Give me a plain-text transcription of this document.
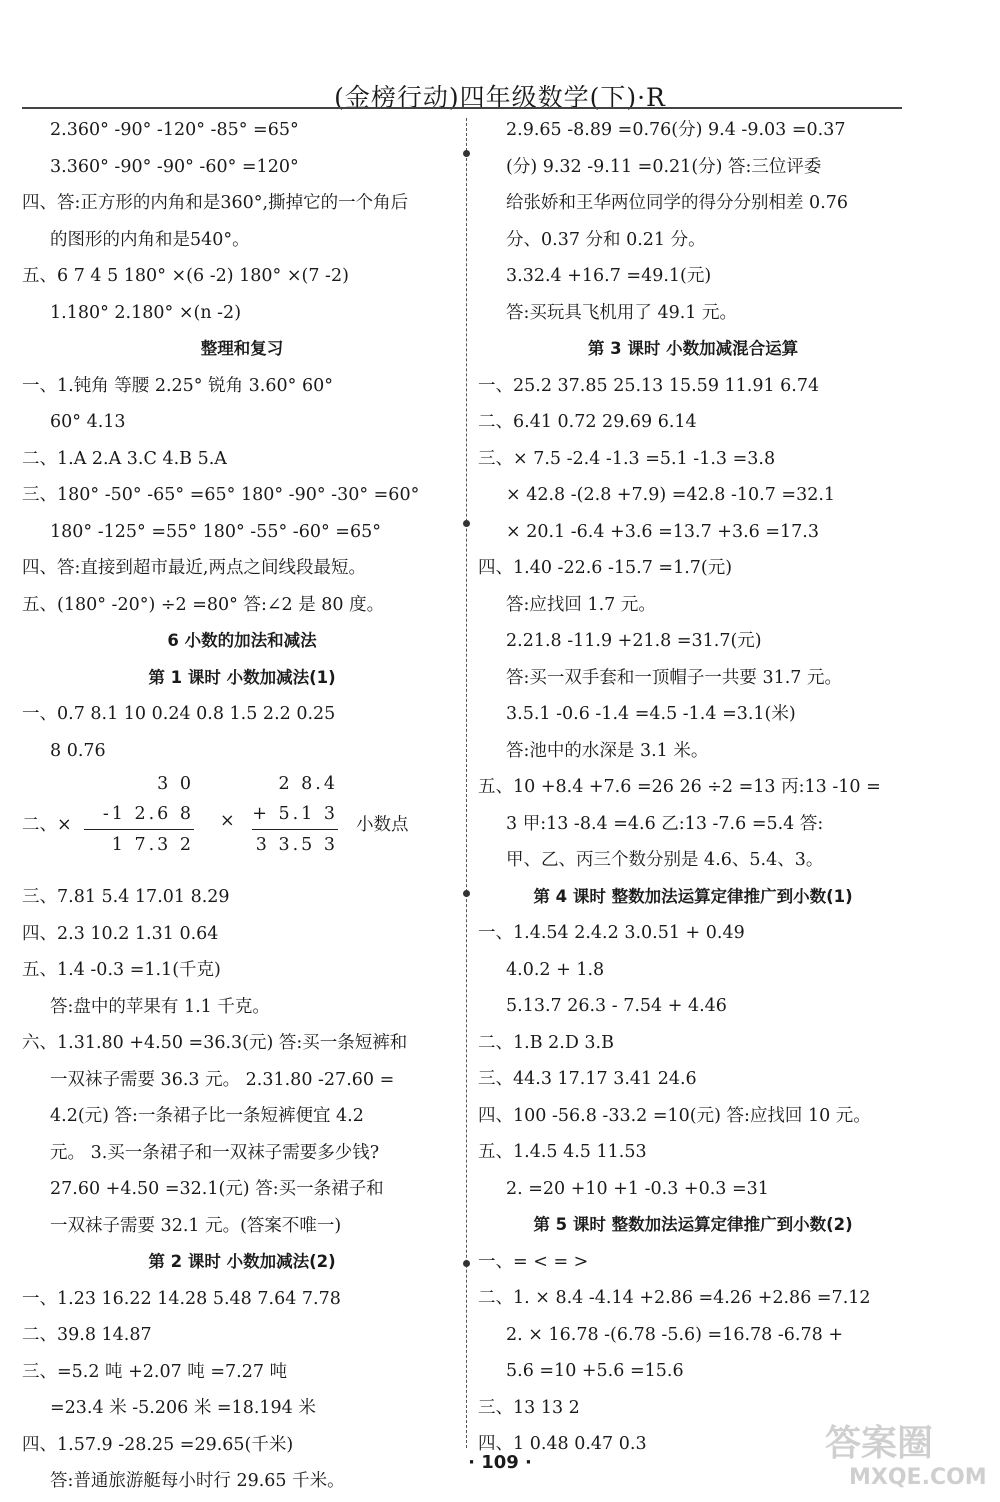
(金榜行动)四年级数学(下)·R
2.360° -90° -120° -85° =65°
3.360° -90° -90° -60° =120°
四、答:正方形的内角和是360°,撕掉它的一个角后
的图形的内角和是540°。
五、6 7 4 5 180° ×(6 -2) 180° ×(7 -2)
1.180° 2.180° ×(n -2)
整理和复习
一、1.钝角 等腰 2.25° 锐角 3.60° 60°
60° 4.13
二、1.A 2.A 3.C 4.B 5.A
三、180° -50° -65° =65° 180° -90° -30° =60°
180° -125° =55° 180° -55° -60° =65°
四、答:直接到超市最近,两点之间线段最短。
五、(180° -20°) ÷2 =80° 答:∠2 是 80 度。
6 小数的加法和减法
第 1 课时 小数加减法(1)
一、0.7 8.1 10 0.24 0.8 1.5 2.2 0.25
8 0.76
二、×
3 0
-1 2.6 8
1 7.3 2
×
2 8.4
+ 5.1 3
3 3.5 3
小数点
三、7.81 5.4 17.01 8.29
四、2.3 10.2 1.31 0.64
五、1.4 -0.3 =1.1(千克)
答:盘中的苹果有 1.1 千克。
六、1.31.80 +4.50 =36.3(元) 答:买一条短裤和
一双袜子需要 36.3 元。 2.31.80 -27.60 =
4.2(元) 答:一条裙子比一条短裤便宜 4.2
元。 3.买一条裙子和一双袜子需要多少钱?
27.60 +4.50 =32.1(元) 答:买一条裙子和
一双袜子需要 32.1 元。(答案不唯一)
第 2 课时 小数加减法(2)
一、1.23 16.22 14.28 5.48 7.64 7.78
二、39.8 14.87
三、=5.2 吨 +2.07 吨 =7.27 吨
=23.4 米 -5.206 米 =18.194 米
四、1.57.9 -28.25 =29.65(千米)
答:普通旅游艇每小时行 29.65 千米。
2.9.65 -8.89 =0.76(分) 9.4 -9.03 =0.37
(分) 9.32 -9.11 =0.21(分) 答:三位评委
给张娇和王华两位同学的得分分别相差 0.76
分、0.37 分和 0.21 分。
3.32.4 +16.7 =49.1(元)
答:买玩具飞机用了 49.1 元。
第 3 课时 小数加减混合运算
一、25.2 37.85 25.13 15.59 11.91 6.74
二、6.41 0.72 29.69 6.14
三、× 7.5 -2.4 -1.3 =5.1 -1.3 =3.8
× 42.8 -(2.8 +7.9) =42.8 -10.7 =32.1
× 20.1 -6.4 +3.6 =13.7 +3.6 =17.3
四、1.40 -22.6 -15.7 =1.7(元)
答:应找回 1.7 元。
2.21.8 -11.9 +21.8 =31.7(元)
答:买一双手套和一顶帽子一共要 31.7 元。
3.5.1 -0.6 -1.4 =4.5 -1.4 =3.1(米)
答:池中的水深是 3.1 米。
五、10 +8.4 +7.6 =26 26 ÷2 =13 丙:13 -10 =
3 甲:13 -8.4 =4.6 乙:13 -7.6 =5.4 答:
甲、乙、丙三个数分别是 4.6、5.4、3。
第 4 课时 整数加法运算定律推广到小数(1)
一、1.4.54 2.4.2 3.0.51 + 0.49
4.0.2 + 1.8
5.13.7 26.3 - 7.54 + 4.46
二、1.B 2.D 3.B
三、44.3 17.17 3.41 24.6
四、100 -56.8 -33.2 =10(元) 答:应找回 10 元。
五、1.4.5 4.5 11.53
2. =20 +10 +1 -0.3 +0.3 =31
第 5 课时 整数加法运算定律推广到小数(2)
一、= < = >
二、1. × 8.4 -4.14 +2.86 =4.26 +2.86 =7.12
2. × 16.78 -(6.78 -5.6) =16.78 -6.78 +
5.6 =10 +5.6 =15.6
三、13 13 2
四、1 0.48 0.47 0.3
· 109 ·	答案圈
MXQE.COM
